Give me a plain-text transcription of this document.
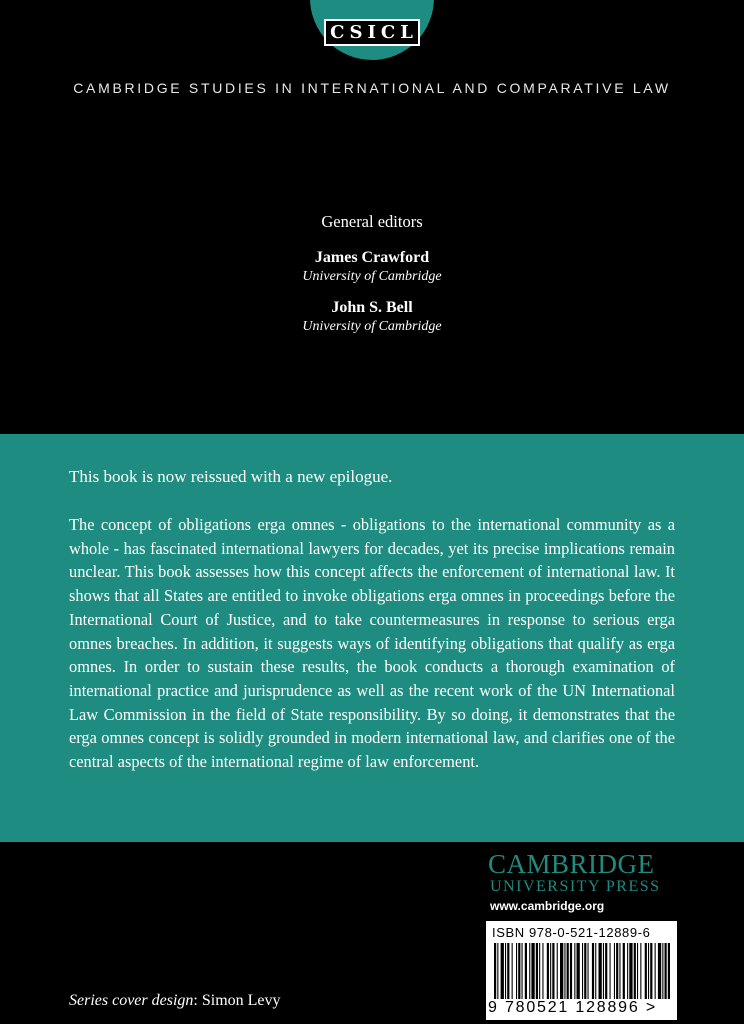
CSICL
CAMBRIDGE STUDIES IN INTERNATIONAL AND COMPARATIVE LAW
General editors
James Crawford
University of Cambridge
John S. Bell
University of Cambridge

This book is now reissued with a new epilogue.

The concept of obligations erga omnes - obligations to the international community as a whole - has fascinated international lawyers for decades, yet its precise implications remain unclear. This book assesses how this concept affects the enforcement of international law. It shows that all States are entitled to invoke obligations erga omnes in proceedings before the International Court of Justice, and to take countermeasures in response to serious erga omnes breaches. In addition, it suggests ways of identifying obligations that qualify as erga omnes. In order to sustain these results, the book conducts a thorough examination of international practice and jurisprudence as well as the recent work of the UN International Law Commission in the field of State responsibility. By so doing, it demonstrates that the erga omnes concept is solidly grounded in modern international law, and clarifies one of the central aspects of the international regime of law enforcement.

CAMBRIDGE
UNIVERSITY PRESS
www.cambridge.org
ISBN 978-0-521-12889-6
9 780521 128896 >
Series cover design: Simon Levy
